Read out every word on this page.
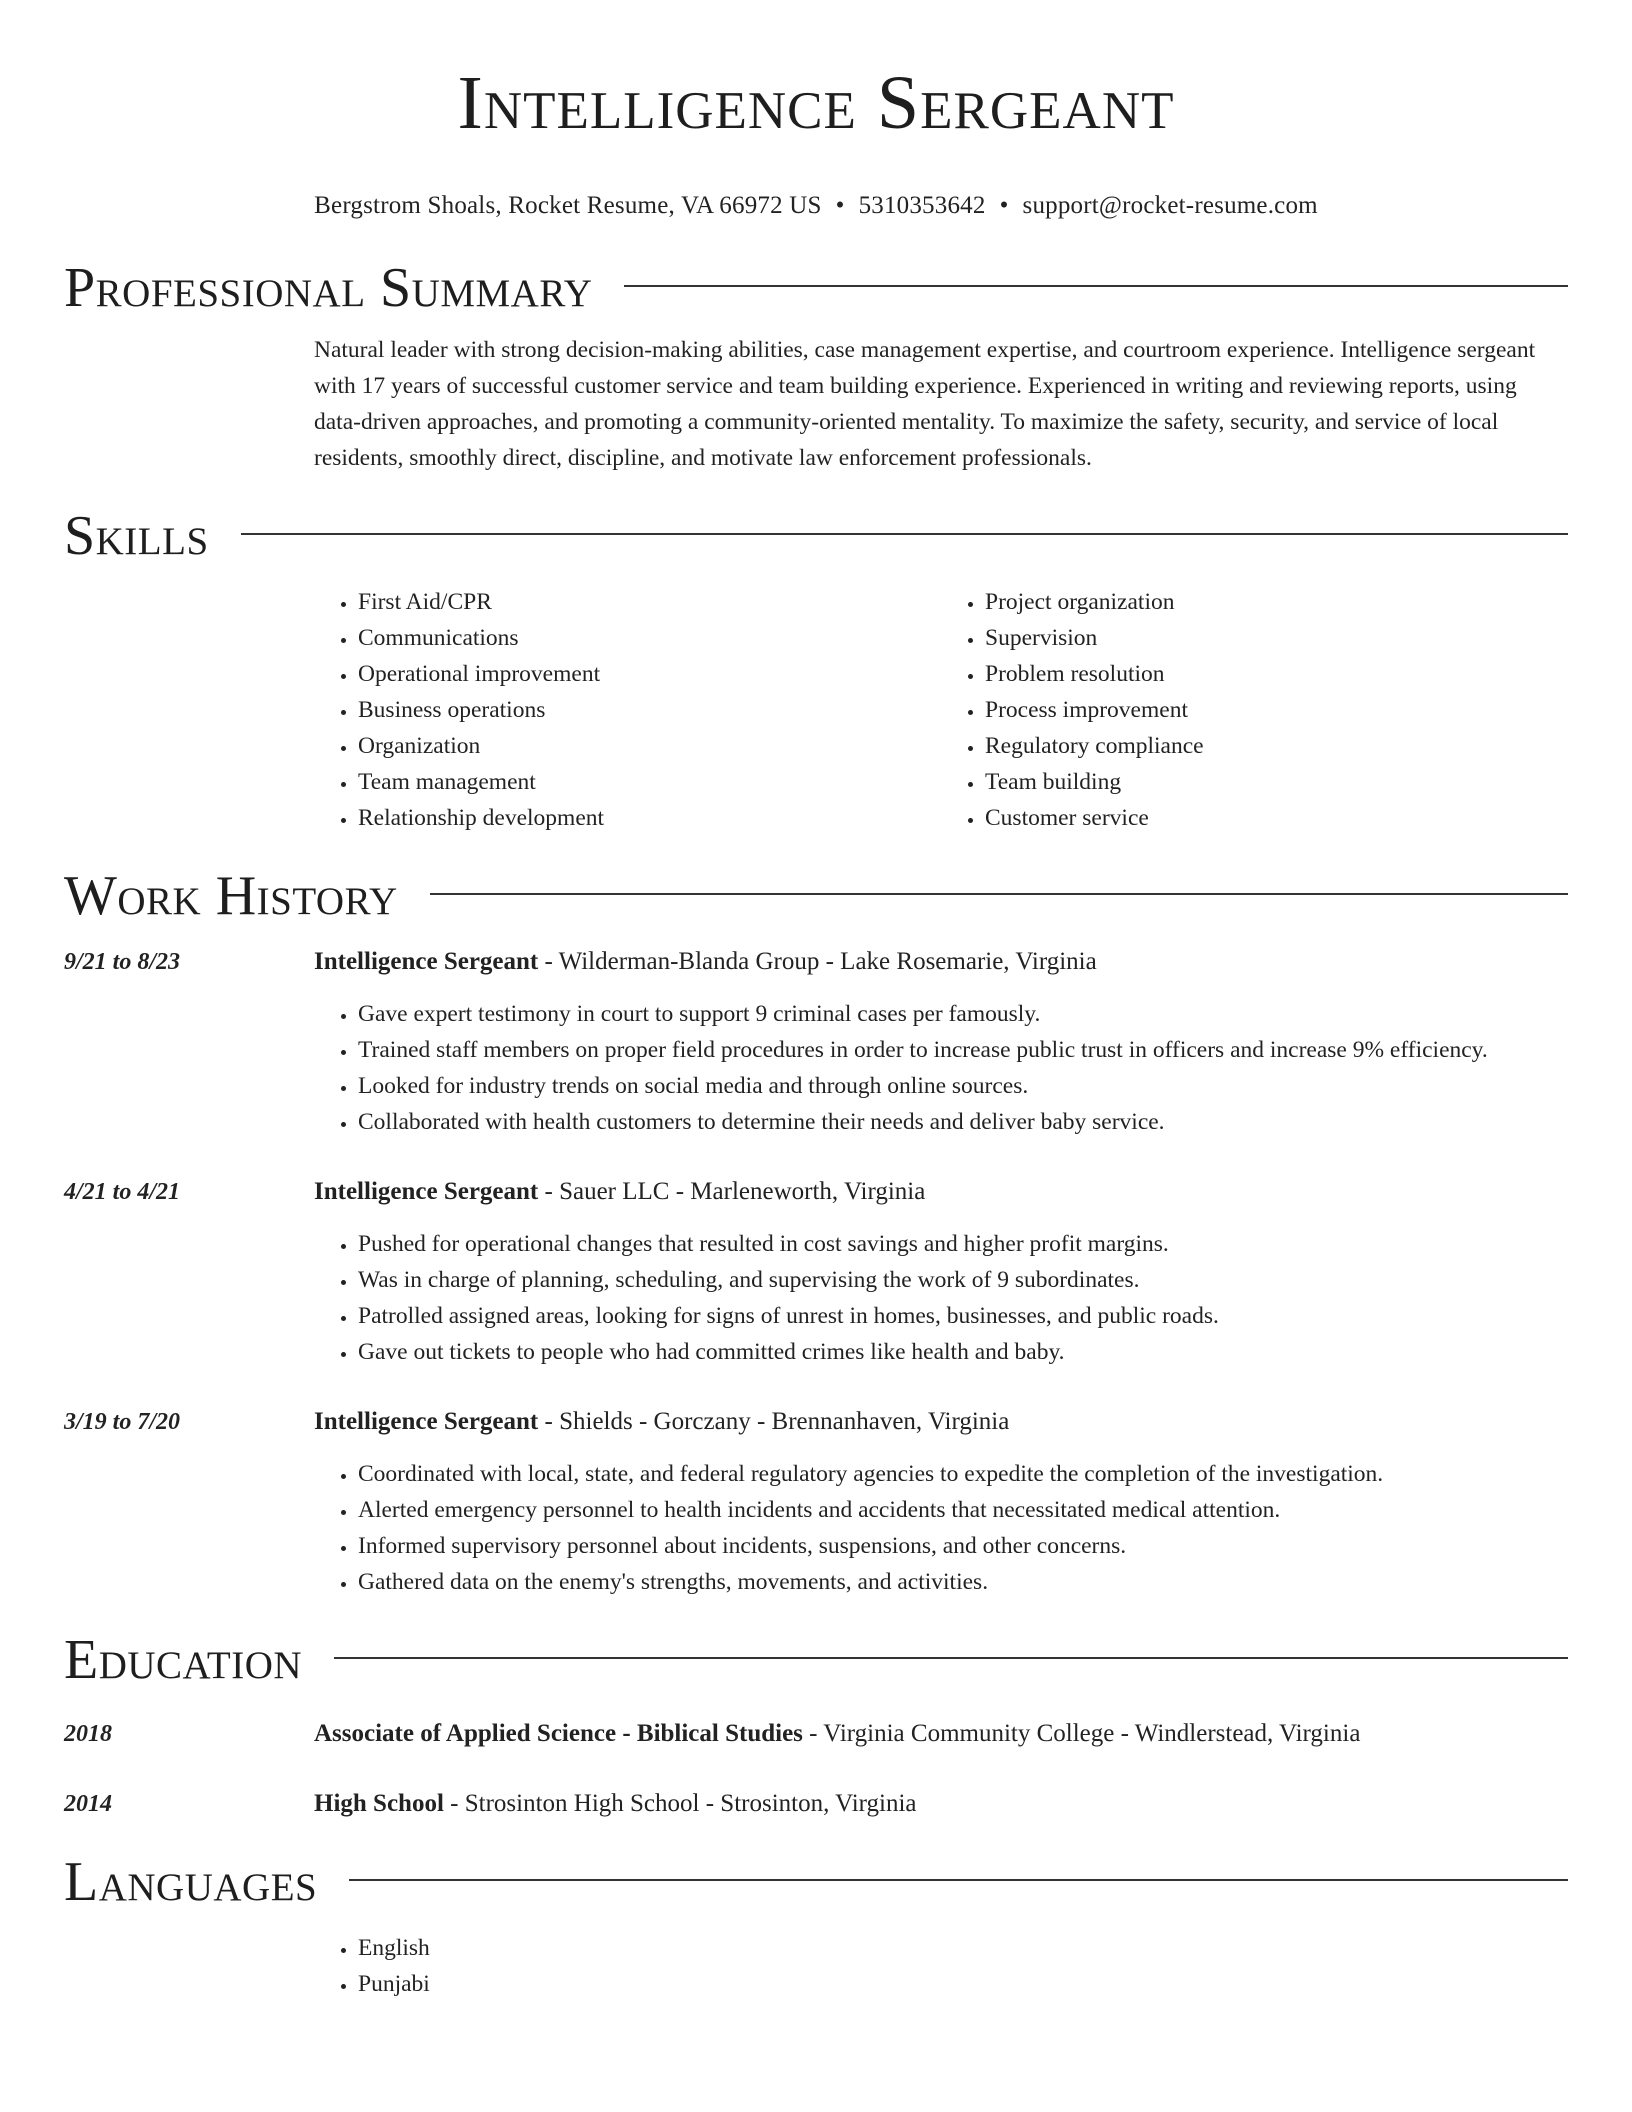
Intelligence Sergeant
Bergstrom Shoals, Rocket Resume, VA 66972 US • 5310353642 • support@rocket-resume.com
Professional Summary
Natural leader with strong decision-making abilities, case management expertise, and courtroom experience. Intelligence sergeant with 17 years of successful customer service and team building experience. Experienced in writing and reviewing reports, using data-driven approaches, and promoting a community-oriented mentality. To maximize the safety, security, and service of local residents, smoothly direct, discipline, and motivate law enforcement professionals.
Skills
• First Aid/CPR
• Communications
• Operational improvement
• Business operations
• Organization
• Team management
• Relationship development
• Project organization
• Supervision
• Problem resolution
• Process improvement
• Regulatory compliance
• Team building
• Customer service
Work History
9/21 to 8/23	Intelligence Sergeant - Wilderman-Blanda Group - Lake Rosemarie, Virginia
• Gave expert testimony in court to support 9 criminal cases per famously.
• Trained staff members on proper field procedures in order to increase public trust in officers and increase 9% efficiency.
• Looked for industry trends on social media and through online sources.
• Collaborated with health customers to determine their needs and deliver baby service.
4/21 to 4/21	Intelligence Sergeant - Sauer LLC - Marleneworth, Virginia
• Pushed for operational changes that resulted in cost savings and higher profit margins.
• Was in charge of planning, scheduling, and supervising the work of 9 subordinates.
• Patrolled assigned areas, looking for signs of unrest in homes, businesses, and public roads.
• Gave out tickets to people who had committed crimes like health and baby.
3/19 to 7/20	Intelligence Sergeant - Shields - Gorczany - Brennanhaven, Virginia
• Coordinated with local, state, and federal regulatory agencies to expedite the completion of the investigation.
• Alerted emergency personnel to health incidents and accidents that necessitated medical attention.
• Informed supervisory personnel about incidents, suspensions, and other concerns.
• Gathered data on the enemy's strengths, movements, and activities.
Education
2018	Associate of Applied Science - Biblical Studies - Virginia Community College - Windlerstead, Virginia
2014	High School - Strosinton High School - Strosinton, Virginia
Languages
• English
• Punjabi
